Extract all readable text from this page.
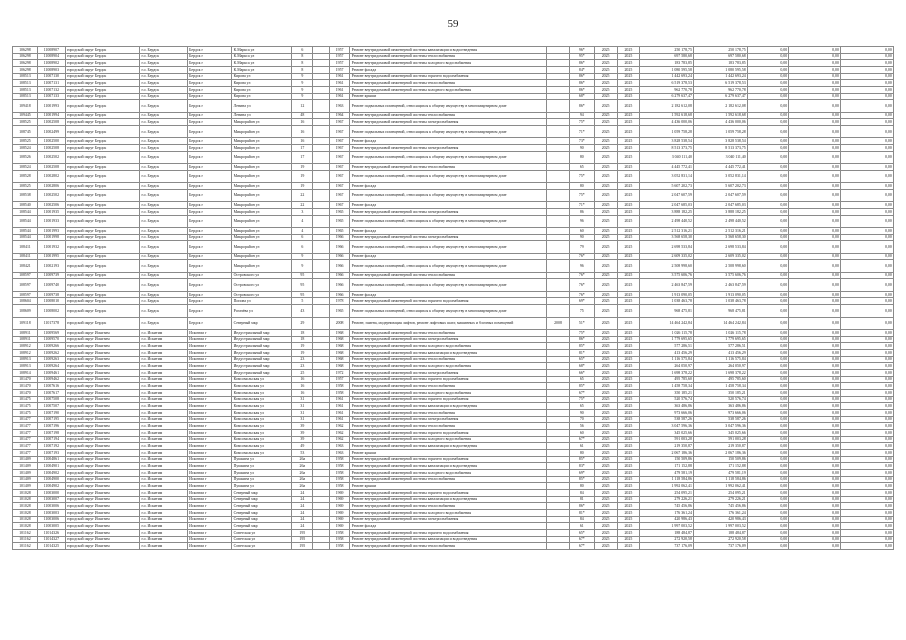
59
106298	11008907	городской округ Бердск	г.о. Бердск	Бердск г	К.Маркса ул	6		1957	Ремонт внутридомовой инженерной системы канализации и водоотведения		96*	2025	2025	250 178,75	250 178,75	0,00	0,00	0,00
106298	11008904	городской округ Бердск	г.о. Бердск	Бердск г	К.Маркса ул	8		1957	Ремонт внутридомовой инженерной системы теплоснабжения		95*	2025	2025	697 580,68	697 580,68	0,00	0,00	0,00
106298	11008902	городской округ Бердск	г.о. Бердск	Бердск г	К.Маркса ул	8		1957	Ремонт внутридомовой инженерной системы холодного водоснабжения		86*	2025	2025	183 783,85	183 783,85	0,00	0,00	0,00
106298	11008903	городской округ Бердск	г.о. Бердск	Бердск г	К.Маркса ул	8		1957	Ремонт фасада		84*	2025	2025	1 080 595,58	1 080 595,58	0,00	0,00	0,00
108513	11007130	городской округ Бердск	г.о. Бердск	Бердск г	Кирова ул	9		1961	Ремонт внутридомовой инженерной системы горячего водоснабжения		86*	2025	2025	1 442 693,24	1 442 693,24	0,00	0,00	0,00
108513	11007131	городской округ Бердск	г.о. Бердск	Бердск г	Кирова ул	9		1961	Ремонт внутридомовой инженерной системы теплоснабжения		86*	2025	2025	6 519 378,53	6 519 378,53	0,00	0,00	0,00
108513	11007132	городской округ Бердск	г.о. Бердск	Бердск г	Кирова ул	9		1961	Ремонт внутридомовой инженерной системы холодного водоснабжения		86*	2025	2025	962 770,78	962 770,78	0,00	0,00	0,00
108513	11007133	городской округ Бердск	г.о. Бердск	Бердск г	Кирова ул	9		1961	Ремонт крыши		68*	2025	2025	6 279 637,47	6 279 637,47	0,00	0,00	0,00
109418	11001993	городской округ Бердск	г.о. Бердск	Бердск г	Ленина ул	12		1963	Ремонт подвальных помещений, относящихся к общему имуществу в многоквартирном доме		86*	2025	2025	2 182 612,08	2 182 612,08	0,00	0,00	0,00
109445	11001994	городской округ Бердск	г.о. Бердск	Бердск г	Ленина ул	48		1964	Ремонт внутридомовой инженерной системы теплоснабжения		94	2025	2025	1 592 618,68	1 592 618,68	0,00	0,00	0,00
108525	11002508	городской округ Бердск	г.о. Бердск	Бердск г	Микрорайон ул	16		1967	Ремонт внутридомовой инженерной системы электроснабжения		75*	2025	2025	4 436 000,06	4 436 000,06	0,00	0,00	0,00
108745	11002499	городской округ Бердск	г.о. Бердск	Бердск г	Микрорайон ул	16		1967	Ремонт подвальных помещений, относящихся к общему имуществу в многоквартирном доме		71*	2025	2025	1 059 758,28	1 059 758,28	0,00	0,00	0,00
108525	11002500	городской округ Бердск	г.о. Бердск	Бердск г	Микрорайон ул	16		1967	Ремонт фасада		73*	2025	2025	3 828 538,54	3 828 538,54	0,00	0,00	0,00
108524	11002508	городской округ Бердск	г.о. Бердск	Бердск г	Микрорайон ул	17		1967	Ремонт внутридомовой инженерной системы электроснабжения		90	2025	2025	8 513 373,75	8 513 373,75	0,00	0,00	0,00
108526	11002502	городской округ Бердск	г.о. Бердск	Бердск г	Микрорайон ул	17		1967	Ремонт подвальных помещений, относящихся к общему имуществу в многоквартирном доме		80	2025	2025	3 040 111,40	3 040 111,40	0,00	0,00	0,00
108524	11002508	городской округ Бердск	г.о. Бердск	Бердск г	Микрорайон ул	19		1967	Ремонт внутридомовой инженерной системы теплоснабжения		65	2025	2025	4 445 772,41	4 445 772,41	0,00	0,00	0,00
108528	11002802	городской округ Бердск	г.о. Бердск	Бердск г	Микрорайон ул	19		1967	Ремонт подвальных помещений, относящихся к общему имуществу в многоквартирном доме		75*	2025	2025	3 052 831,14	3 052 831,14	0,00	0,00	0,00
108525	11002806	городской округ Бердск	г.о. Бердск	Бердск г	Микрорайон ул	19		1967	Ремонт фасада		80	2025	2025	5 607 202,73	5 607 202,73	0,00	0,00	0,00
108538	11002502	городской округ Бердск	г.о. Бердск	Бердск г	Микрорайон ул	22		1967	Ремонт подвальных помещений, относящихся к общему имуществу в многоквартирном доме		75*	2025	2025	2 047 607,59	2 047 607,59	0,00	0,00	0,00
108540	11002506	городской округ Бердск	г.о. Бердск	Бердск г	Микрорайон ул	22		1967	Ремонт фасада		71*	2025	2025	2 047 685,03	2 047 685,03	0,00	0,00	0,00
108544	11001935	городской округ Бердск	г.о. Бердск	Бердск г	Микрорайон ул	3		1965	Ремонт внутридомовой инженерной системы электроснабжения		86	2025	2025	3 888 182,25	3 888 182,25	0,00	0,00	0,00
108544	11001933	городской округ Бердск	г.о. Бердск	Бердск г	Микрорайон ул	4		1965	Ремонт подвальных помещений, относящихся к общему имуществу в многоквартирном доме		96	2025	2025	2 498 440,52	2 498 440,52	0,00	0,00	0,00
108544	11001993	городской округ Бердск	г.о. Бердск	Бердск г	Микрорайон ул	4		1965	Ремонт фасада		60	2025	2025	2 512 316,21	2 512 316,21	0,00	0,00	0,00
108544	11001998	городской округ Бердск	г.о. Бердск	Бердск г	Микрорайон ул	6		1966	Ремонт внутридомовой инженерной системы электроснабжения		90	2025	2025	3 568 658,30	3 568 658,30	0,00	0,00	0,00
108411	11001932	городской округ Бердск	г.о. Бердск	Бердск г	Микрорайон ул	6		1966	Ремонт подвальных помещений, относящихся к общему имуществу в многоквартирном доме		79	2025	2025	2 698 533,84	2 698 533,84	0,00	0,00	0,00
108411	11001995	городской округ Бердск	г.о. Бердск	Бердск г	Микрорайон ул	9		1966	Ремонт фасада		76*	2025	2025	2 609 335,02	2 609 335,02	0,00	0,00	0,00
108421	11002193	городской округ Бердск	г.о. Бердск	Бердск г	Микрорайон ул	9		1966	Ремонт подвальных помещений, относящихся к общему имуществу в многоквартирном доме		96	2025	2025	2 508 998,60	2 508 998,60	0,00	0,00	0,00
108597	11009739	городской округ Бердск	г.о. Бердск	Бердск г	Островского ул	95		1966	Ремонт внутридомовой инженерной системы теплоснабжения		76*	2025	2025	3 575 606,76	3 575 606,76	0,00	0,00	0,00
108597	11009740	городской округ Бердск	г.о. Бердск	Бердск г	Островского ул	95		1966	Ремонт подвальных помещений, относящихся к общему имуществу в многоквартирном доме		76*	2025	2025	2 463 847,59	2 463 847,59	0,00	0,00	0,00
108597	11009738	городской округ Бердск	г.о. Бердск	Бердск г	Островского ул	95		1966	Ремонт фасада		76*	2025	2025	1 913 090,05	1 913 090,05	0,00	0,00	0,00
108604	11008010	городской округ Бердск	г.о. Бердск	Бердск г	Попова ул	5		1978	Ремонт внутридомовой инженерной системы горячего водоснабжения		69*	2025	2025	1 038 463,78	1 038 463,78	0,00	0,00	0,00
108609	11008002	городской округ Бердск	г.о. Бердск	Бердск г	Рогачёва ул	43		1965	Ремонт подвальных помещений, относящихся к общему имуществу в многоквартирном доме		75	2025	2025	968 475,81	968 475,81	0,00	0,00	0,00
109118	11017378	городской округ Бердск	г.о. Бердск	Бердск г	Северный мкр	29		2008	Ремонт, замена, модернизация лифтов, ремонт лифтовых шахт, машинных и блочных помещений	2008	51*	2025	2025	14 464 242,84	14 464 242,84	0,00	0,00	0,00
108911	11009569	городской округ Искитим	г.о. Искитим	Искитим г	Индустриальный мкр	18		1968	Ремонт внутридомовой инженерной системы теплоснабжения		75*	2025	2025	1 026 115,78	1 026 115,78	0,00	0,00	0,00
108911	11009570	городской округ Искитим	г.о. Искитим	Искитим г	Индустриальный мкр	18		1968	Ремонт внутридомовой инженерной системы электроснабжения		86*	2025	2025	1 779 695,65	1 779 695,65	0,00	0,00	0,00
108912	11009266	городской округ Искитим	г.о. Искитим	Искитим г	Индустриальный мкр	19		1968	Ремонт внутридомовой инженерной системы холодного водоснабжения		85*	2025	2025	577 286,51	577 286,51	0,00	0,00	0,00
108912	11009262	городской округ Искитим	г.о. Искитим	Искитим г	Индустриальный мкр	19		1968	Ремонт внутридомовой инженерной системы канализации и водоотведения		81*	2025	2025	413 456,29	413 456,29	0,00	0,00	0,00
108913	11009263	городской округ Искитим	г.о. Искитим	Искитим г	Индустриальный мкр	23		1968	Ремонт внутридомовой инженерной системы теплоснабжения		65*	2025	2025	1 116 575,84	1 116 575,84	0,00	0,00	0,00
108913	11009264	городской округ Искитим	г.о. Искитим	Искитим г	Индустриальный мкр	23		1968	Ремонт внутридомовой инженерной системы холодного водоснабжения		68*	2025	2025	264 050,97	264 050,97	0,00	0,00	0,00
108914	11009461	городской округ Искитим	г.о. Искитим	Искитим г	Индустриальный мкр	25		1972	Ремонт внутридомовой инженерной системы электроснабжения		66*	2025	2025	1 698 378,22	1 698 378,22	0,00	0,00	0,00
101470	11009462	городской округ Искитим	г.о. Искитим	Искитим г	Комсомольская ул	16		1957	Ремонт внутридомовой инженерной системы горячего водоснабжения		65	2025	2025	495 785,60	495 785,60	0,00	0,00	0,00
101470	11007616	городской округ Искитим	г.о. Искитим	Искитим г	Комсомольская ул	16		1958	Ремонт внутридомовой инженерной системы теплоснабжения		85*	2025	2025	1 458 758,34	1 458 758,34	0,00	0,00	0,00
101470	11007617	городской округ Искитим	г.о. Искитим	Искитим г	Комсомольская ул	16		1958	Ремонт внутридомовой инженерной системы холодного водоснабжения		67*	2025	2025	350 185,21	350 185,21	0,00	0,00	0,00
101475	11007508	городской округ Искитим	г.о. Искитим	Искитим г	Комсомольская ул	31		1961	Ремонт внутридомовой инженерной системы горячего водоснабжения		75*	2025	2025	520 576,74	520 576,74	0,00	0,00	0,00
101475	11007507	городской округ Искитим	г.о. Искитим	Искитим г	Комсомольская ул	31		1961	Ремонт внутридомовой инженерной системы канализации и водоотведения		65	2025	2025	363 486,86	363 486,86	0,00	0,00	0,00
101475	11007190	городской округ Искитим	г.о. Искитим	Искитим г	Комсомольская ул	31		1961	Ремонт внутридомовой инженерной системы теплоснабжения		90	2025	2025	973 666,06	973 666,06	0,00	0,00	0,00
101477	11007195	городской округ Искитим	г.о. Искитим	Искитим г	Комсомольская ул	31		1961	Ремонт внутридомовой инженерной системы электроснабжения		70	2025	2025	538 587,26	538 587,26	0,00	0,00	0,00
101477	11007196	городской округ Искитим	г.о. Искитим	Искитим г	Комсомольская ул	39		1962	Ремонт внутридомовой инженерной системы теплоснабжения		56	2025	2025	3 047 596,36	3 047 596,36	0,00	0,00	0,00
101477	11007198	городской округ Искитим	г.о. Искитим	Искитим г	Комсомольская ул	39		1962	Ремонт внутридомовой инженерной системы горячего водоснабжения		60	2025	2025	345 025,66	345 025,66	0,00	0,00	0,00
101477	11007194	городской округ Искитим	г.о. Искитим	Искитим г	Комсомольская ул	39		1962	Ремонт внутридомовой инженерной системы холодного водоснабжения		67*	2025	2025	591 003,28	591 003,28	0,00	0,00	0,00
101477	11007192	городской округ Искитим	г.о. Искитим	Искитим г	Комсомольская ул	49		1963	Ремонт внутридомовой инженерной системы канализации и водоотведения		61	2025	2025	219 350,87	219 350,87	0,00	0,00	0,00
101477	11007193	городской округ Искитим	г.о. Искитим	Искитим г	Комсомольская ул	53		1963	Ремонт крыши		80	2025	2025	2 067 186,36	2 067 186,36	0,00	0,00	0,00
101409	11004861	городской округ Искитим	г.о. Искитим	Искитим г	Пушкина ул	26а		1958	Ремонт внутридомовой инженерной системы горячего водоснабжения		85*	2025	2025	150 509,86	150 509,86	0,00	0,00	0,00
101409	11004901	городской округ Искитим	г.о. Искитим	Искитим г	Пушкина ул	26а		1958	Ремонт внутридомовой инженерной системы канализации и водоотведения		83*	2025	2025	171 152,88	171 152,88	0,00	0,00	0,00
101409	11004902	городской округ Искитим	г.о. Искитим	Искитим г	Пушкина ул	26а		1958	Ремонт внутридомовой инженерной системы холодного водоснабжения		69*	2025	2025	479 581,19	479 581,19	0,00	0,00	0,00
101409	11004900	городской округ Искитим	г.о. Искитим	Искитим г	Пушкина ул	26а		1958	Ремонт внутридомовой инженерной системы теплоснабжения		85*	2025	2025	1 118 584,86	1 118 584,86	0,00	0,00	0,00
101409	11004902	городской округ Искитим	г.о. Искитим	Искитим г	Пушкина ул	26а		1958	Ремонт крыши		80	2025	2025	1 992 062,41	1 992 062,41	0,00	0,00	0,00
101028	11003000	городской округ Искитим	г.о. Искитим	Искитим г	Северный мкр	24		1969	Ремонт внутридомовой инженерной системы горячего водоснабжения		84	2025	2025	254 095,21	254 095,21	0,00	0,00	0,00
101028	11003007	городской округ Искитим	г.о. Искитим	Искитим г	Северный мкр	24		1969	Ремонт внутридомовой инженерной системы канализации и водоотведения		81	2025	2025	279 226,21	279 226,21	0,00	0,00	0,00
101028	11003006	городской округ Искитим	г.о. Искитим	Искитим г	Северный мкр	24		1969	Ремонт внутридомовой инженерной системы теплоснабжения		86*	2025	2025	745 456,86	745 456,86	0,00	0,00	0,00
101028	11003003	городской округ Искитим	г.о. Искитим	Искитим г	Северный мкр	24		1969	Ремонт внутридомовой инженерной системы холодного водоснабжения		81*	2025	2025	176 361,24	176 361,24	0,00	0,00	0,00
101028	11003006	городской округ Искитим	г.о. Искитим	Искитим г	Северный мкр	24		1969	Ремонт внутридомовой инженерной системы электроснабжения		84	2025	2025	420 986,43	420 986,43	0,00	0,00	0,00
101028	11003005	городской округ Искитим	г.о. Искитим	Искитим г	Северный мкр	24		1969	Ремонт фасада		61	2025	2025	1 997 003,52	1 997 003,52	0,00	0,00	0,00
101162	11014326	городской округ Искитим	г.о. Искитим	Искитим г	Советская ул	195		1958	Ремонт внутридомовой инженерной системы горячего водоснабжения		65*	2025	2025	188 484,87	188 484,87	0,00	0,00	0,00
101162	11014327	городской округ Искитим	г.о. Искитим	Искитим г	Советская ул	195		1958	Ремонт внутридомовой инженерной системы канализации и водоотведения		67*	2025	2025	272 920,58	272 920,58	0,00	0,00	0,00
101162	11014325	городской округ Искитим	г.о. Искитим	Искитим г	Советская ул	195		1958	Ремонт внутридомовой инженерной системы теплоснабжения		67*	2025	2025	737 176,09	737 176,09	0,00	0,00	0,00
